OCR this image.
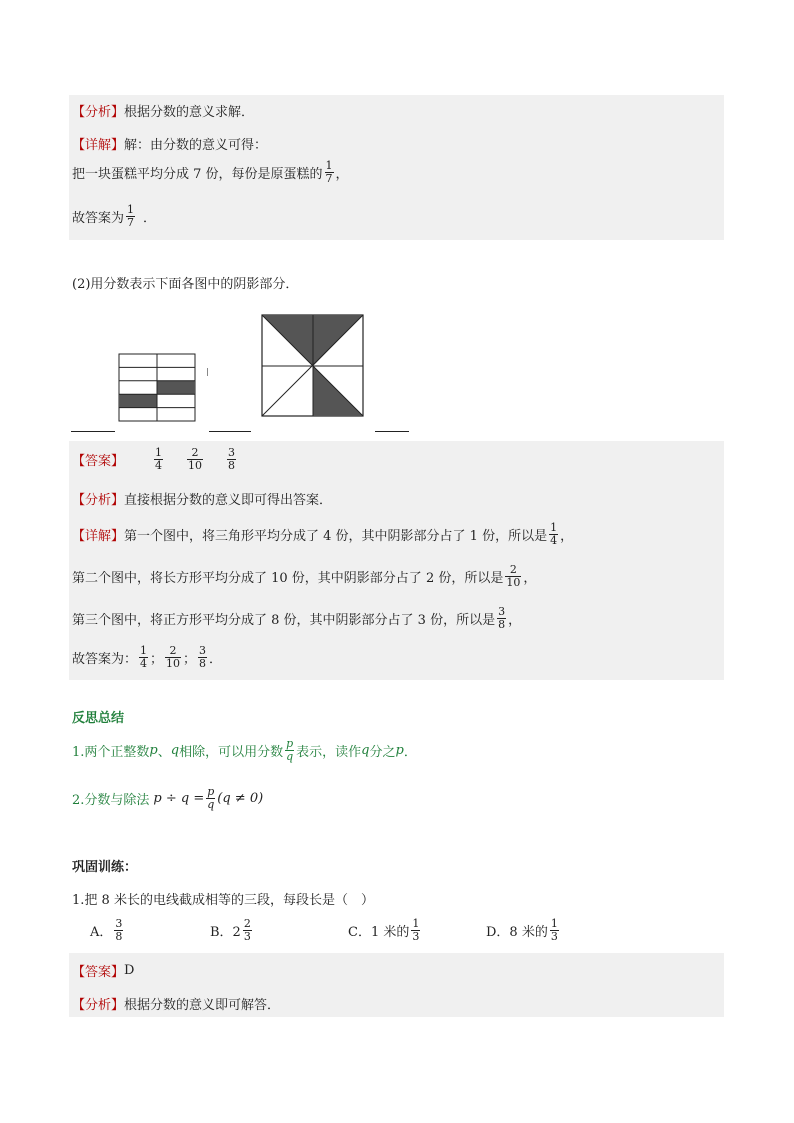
【分析】 根据分数的意义求解．
【详解】 解：由分数的意义可得：
把一块蛋糕平均分成 7 份，每份是原蛋糕的 $\frac{1}{7}$ ，
故答案为 $\frac{1}{7}$ ．
(2)用分数表示下面各图中的阴影部分．
【答案】	$\frac{1}{4} \frac{2}{10} \frac{3}{8}$
【分析】 直接根据分数的意义即可得出答案．
【详解】 第一个图中，将三角形平均分成了 4 份，其中阴影部分占了 1 份，所以是 $\frac{1}{4}$ ，
第二个图中，将长方形平均分成了 10 份，其中阴影部分占了 2 份，所以是 $\frac{2}{10}$ ，
第三个图中，将正方形平均分成了 8 份，其中阴影部分占了 3 份，所以是 $\frac{3}{8}$ ，
故答案为： $\frac{1}{4}$ ； $\frac{2}{10}$ ； $\frac{3}{8}$ ．
反思总结
1.两个正整数 p 、 q 相除，可以用分数 $\frac{p}{q}$ 表示，读作 q 分之 p ．
2.分数与除法 $p \div q = \frac{p}{q} (q \ne 0)$
巩固训练：
1.把 8 米长的电线截成相等的三段，每段长是（　）
A． $\frac{3}{8}$	B．$2 \frac{2}{3}$	C．1 米的 $\frac{1}{3}$	D．8 米的 $\frac{1}{3}$
【答案】 D
【分析】 根据分数的意义即可解答．
